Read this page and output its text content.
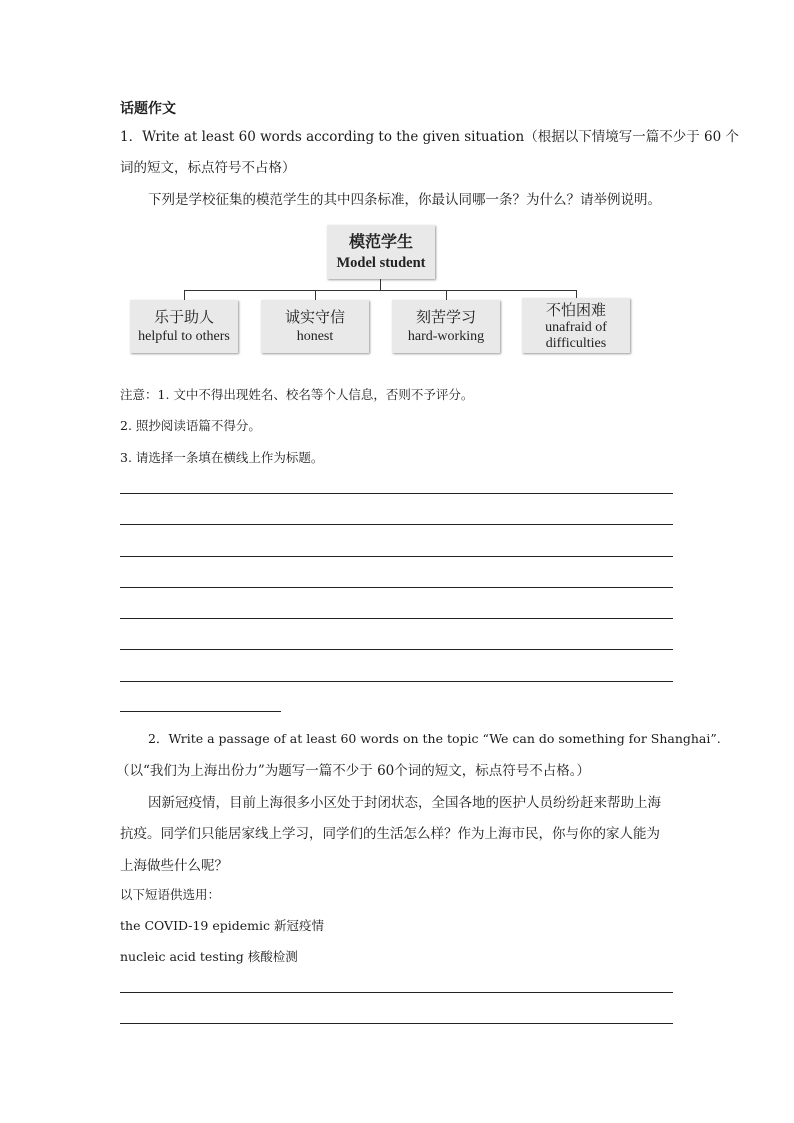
话题作文
1．Write at least 60 words according to the given situation（根据以下情境写一篇不少于 60 个
词的短文，标点符号不占格）
下列是学校征集的模范学生的其中四条标准，你最认同哪一条？为什么？请举例说明。
模范学生
Model student
乐于助人
helpful to others
诚实守信
honest
刻苦学习
hard-working
不怕困难
unafraid of
difficulties
注意：1. 文中不得出现姓名、校名等个人信息，否则不予评分。
2. 照抄阅读语篇不得分。
3. 请选择一条填在横线上作为标题。
2．Write a passage of at least 60 words on the topic “We can do something for Shanghai”.
（以“我们为上海出份力”为题写一篇不少于 60个词的短文，标点符号不占格。）
因新冠疫情，目前上海很多小区处于封闭状态，全国各地的医护人员纷纷赶来帮助上海
抗疫。同学们只能居家线上学习，同学们的生活怎么样？作为上海市民，你与你的家人能为
上海做些什么呢？
以下短语供选用：
the COVID-19 epidemic 新冠疫情
nucleic acid testing 核酸检测
